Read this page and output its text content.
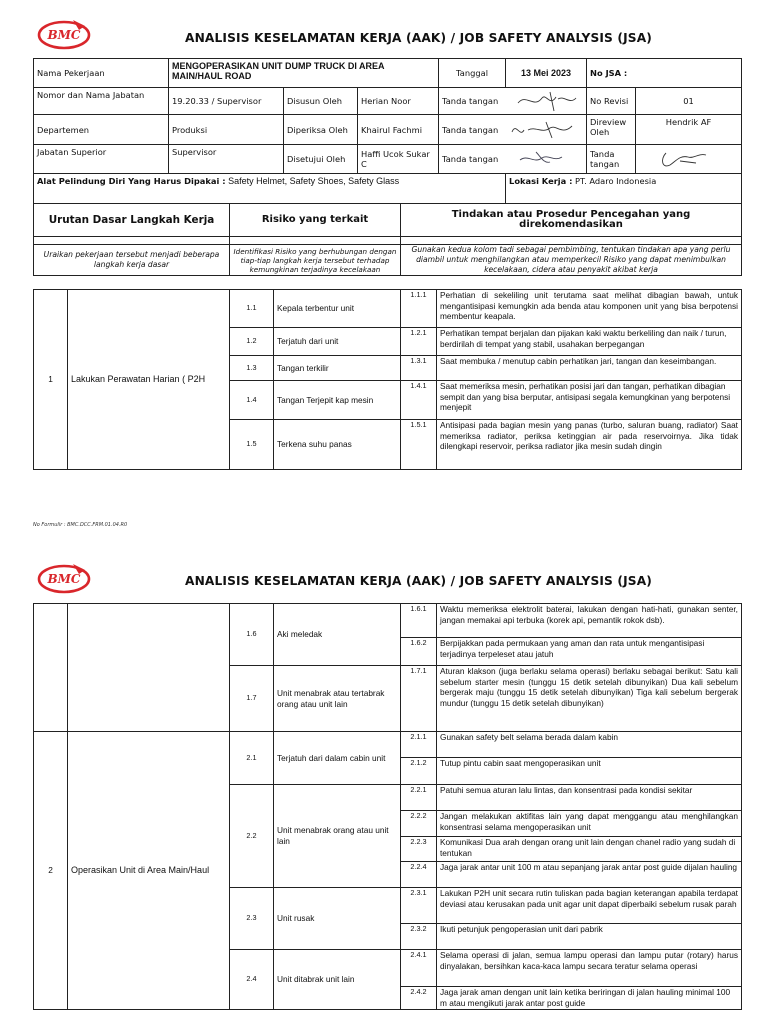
BMC	ANALISIS KESELAMATAN KERJA (AAK) / JOB SAFETY ANALYSIS (JSA)
Nama Pekerjaan	MENGOPERASIKAN UNIT DUMP TRUCK DI AREA MAIN/HAUL ROAD			Tanggal	13 Mei 2023	No JSA :	
Nomor dan Nama Jabatan	19.20.33 / Supervisor	Disusun Oleh	Herian Noor	Tanda tangan		No Revisi	01
Departemen	Produksi	Diperiksa Oleh	Khairul Fachmi	Tanda tangan		Direview Oleh	Hendrik AF
Jabatan Superior	Supervisor	Disetujui Oleh	Haffi Ucok Sukar C	Tanda tangan		Tanda tangan	

Alat Pelindung Diri Yang Harus Dipakai : Safety Helmet, Safety Shoes, Safety Glass					Lokasi Kerja : PT. Adaro Indonesia		
Urutan Dasar Langkah Kerja	Risiko yang terkait	Tindakan atau Prosedur Pencegahan yang direkomendasikan

Uraikan pekerjaan tersebut menjadi beberapa langkah kerja dasar	Identifikasi Risiko yang berhubungan dengan tiap-tiap langkah kerja tersebut terhadap kemungkinan terjadinya kecelakaan	Gunakan kedua kolom tadi sebagai pembimbing, tentukan tindakan apa yang perlu diambil untuk menghilangkan atau memperkecil Risiko yang dapat menimbulkan kecelakaan, cidera atau penyakit akibat kerja
1	Lakukan Perawatan Harian ( P2H	1.1	Kepala terbentur unit	1.1.1	Perhatian di sekeliling unit terutama saat melihat dibagian bawah, untuk mengantisipasi kemungkin ada benda atau komponen unit yang bisa berpotensi membentur keapala.
		1.2	Terjatuh dari unit	1.2.1	Perhatikan tempat berjalan dan pijakan kaki waktu berkeliling dan naik / turun, berdirilah di tempat yang stabil, usahakan berpegangan
		1.3	Tangan terkilir	1.3.1	Saat membuka / menutup cabin perhatikan jari, tangan dan keseimbangan.
		1.4	Tangan Terjepit kap mesin	1.4.1	Saat memeriksa mesin, perhatikan posisi jari dan tangan, perhatikan dibagian sempit dan yang bisa berputar, antisipasi segala kemungkinan yang berpotensi menjepit
		1.5	Terkena suhu panas	1.5.1	Antisipasi pada bagian mesin yang panas (turbo, saluran buang, radiator) Saat memeriksa radiator, periksa ketinggian air pada reservoirnya. Jika tidak dilengkapi reservoir, periksa radiator jika mesin sudah dingin
No Formulir : BMC.DCC.FRM.01.04.R0
BMC	ANALISIS KESELAMATAN KERJA (AAK) / JOB SAFETY ANALYSIS (JSA)
		1.6	Aki meledak	1.6.1	Waktu memeriksa elektrolit baterai, lakukan dengan hati-hati, gunakan senter, jangan memakai api terbuka (korek api, pemantik rokok dsb).
				1.6.2	Berpijakkan pada permukaan yang aman dan rata untuk mengantisipasi terjadinya terpeleset atau jatuh
		1.7	Unit menabrak atau tertabrak orang atau unit lain	1.7.1	Aturan klakson (juga berlaku selama operasi) berlaku sebagai berikut: Satu kali sebelum starter mesin (tunggu 15 detik setelah dibunyikan) Dua kali sebelum bergerak maju (tunggu 15 detik setelah dibunyikan) Tiga kali sebelum bergerak mundur (tunggu 15 detik setelah dibunyikan)
2	Operasikan Unit di Area Main/Haul	2.1	Terjatuh dari dalam cabin unit	2.1.1	Gunakan safety belt selama berada dalam kabin
				2.1.2	Tutup pintu cabin saat mengoperasikan unit
		2.2	Unit menabrak orang atau unit lain	2.2.1	Patuhi semua aturan lalu lintas, dan konsentrasi pada kondisi sekitar
				2.2.2	Jangan melakukan aktifitas lain yang dapat menggangu atau menghilangkan konsentrasi selama mengoperasikan unit
				2.2.3	Komunikasi Dua arah dengan orang unit lain dengan chanel radio yang sudah di tentukan
				2.2.4	Jaga jarak antar unit 100 m atau sepanjang jarak antar post guide dijalan hauling
		2.3	Unit rusak	2.3.1	Lakukan P2H unit secara rutin tuliskan pada bagian keterangan apabila terdapat deviasi atau kerusakan pada unit agar unit dapat diperbaiki sebelum rusak parah
				2.3.2	Ikuti petunjuk pengoperasian unit dari pabrik
		2.4	Unit ditabrak unit lain	2.4.1	Selama operasi di jalan, semua lampu operasi dan lampu putar (rotary) harus dinyalakan, bersihkan kaca-kaca lampu secara teratur selama operasi
				2.4.2	Jaga jarak aman dengan unit lain ketika beriringan di jalan hauling minimal 100 m atau mengikuti jarak antar post guide
